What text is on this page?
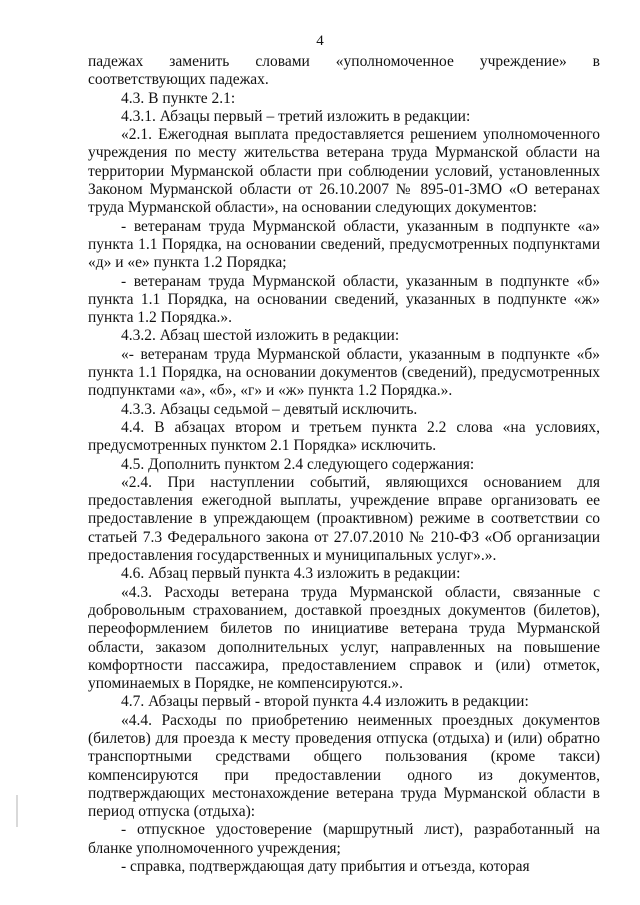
4

падежах заменить словами «уполномоченное учреждение» в соответствующих падежах.

4.3. В пункте 2.1:

4.3.1. Абзацы первый – третий изложить в редакции:

«2.1. Ежегодная выплата предоставляется решением уполномоченного учреждения по месту жительства ветерана труда Мурманской области на территории Мурманской области при соблюдении условий, установленных Законом Мурманской области от 26.10.2007 № 895-01-ЗМО «О ветеранах труда Мурманской области», на основании следующих документов:

- ветеранам труда Мурманской области, указанным в подпункте «а» пункта 1.1 Порядка, на основании сведений, предусмотренных подпунктами «д» и «е» пункта 1.2 Порядка;

- ветеранам труда Мурманской области, указанным в подпункте «б» пункта 1.1 Порядка, на основании сведений, указанных в подпункте «ж» пункта 1.2 Порядка.».

4.3.2. Абзац шестой изложить в редакции:

«- ветеранам труда Мурманской области, указанным в подпункте «б» пункта 1.1 Порядка, на основании документов (сведений), предусмотренных подпунктами «а», «б», «г» и «ж» пункта 1.2 Порядка.».

4.3.3. Абзацы седьмой – девятый исключить.

4.4. В абзацах втором и третьем пункта 2.2 слова «на условиях, предусмотренных пунктом 2.1 Порядка» исключить.

4.5. Дополнить пунктом 2.4 следующего содержания:

«2.4. При наступлении событий, являющихся основанием для предоставления ежегодной выплаты, учреждение вправе организовать ее предоставление в упреждающем (проактивном) режиме в соответствии со статьей 7.3 Федерального закона от 27.07.2010 № 210-ФЗ «Об организации предоставления государственных и муниципальных услуг».».

4.6. Абзац первый пункта 4.3 изложить в редакции:

«4.3. Расходы ветерана труда Мурманской области, связанные с добровольным страхованием, доставкой проездных документов (билетов), переоформлением билетов по инициативе ветерана труда Мурманской области, заказом дополнительных услуг, направленных на повышение комфортности пассажира, предоставлением справок и (или) отметок, упоминаемых в Порядке, не компенсируются.».

4.7. Абзацы первый - второй пункта 4.4 изложить в редакции:

«4.4. Расходы по приобретению неименных проездных документов (билетов) для проезда к месту проведения отпуска (отдыха) и (или) обратно транспортными средствами общего пользования (кроме такси) компенсируются при предоставлении одного из документов, подтверждающих местонахождение ветерана труда Мурманской области в период отпуска (отдыха):

- отпускное удостоверение (маршрутный лист), разработанный на бланке уполномоченного учреждения;

- справка, подтверждающая дату прибытия и отъезда, которая
